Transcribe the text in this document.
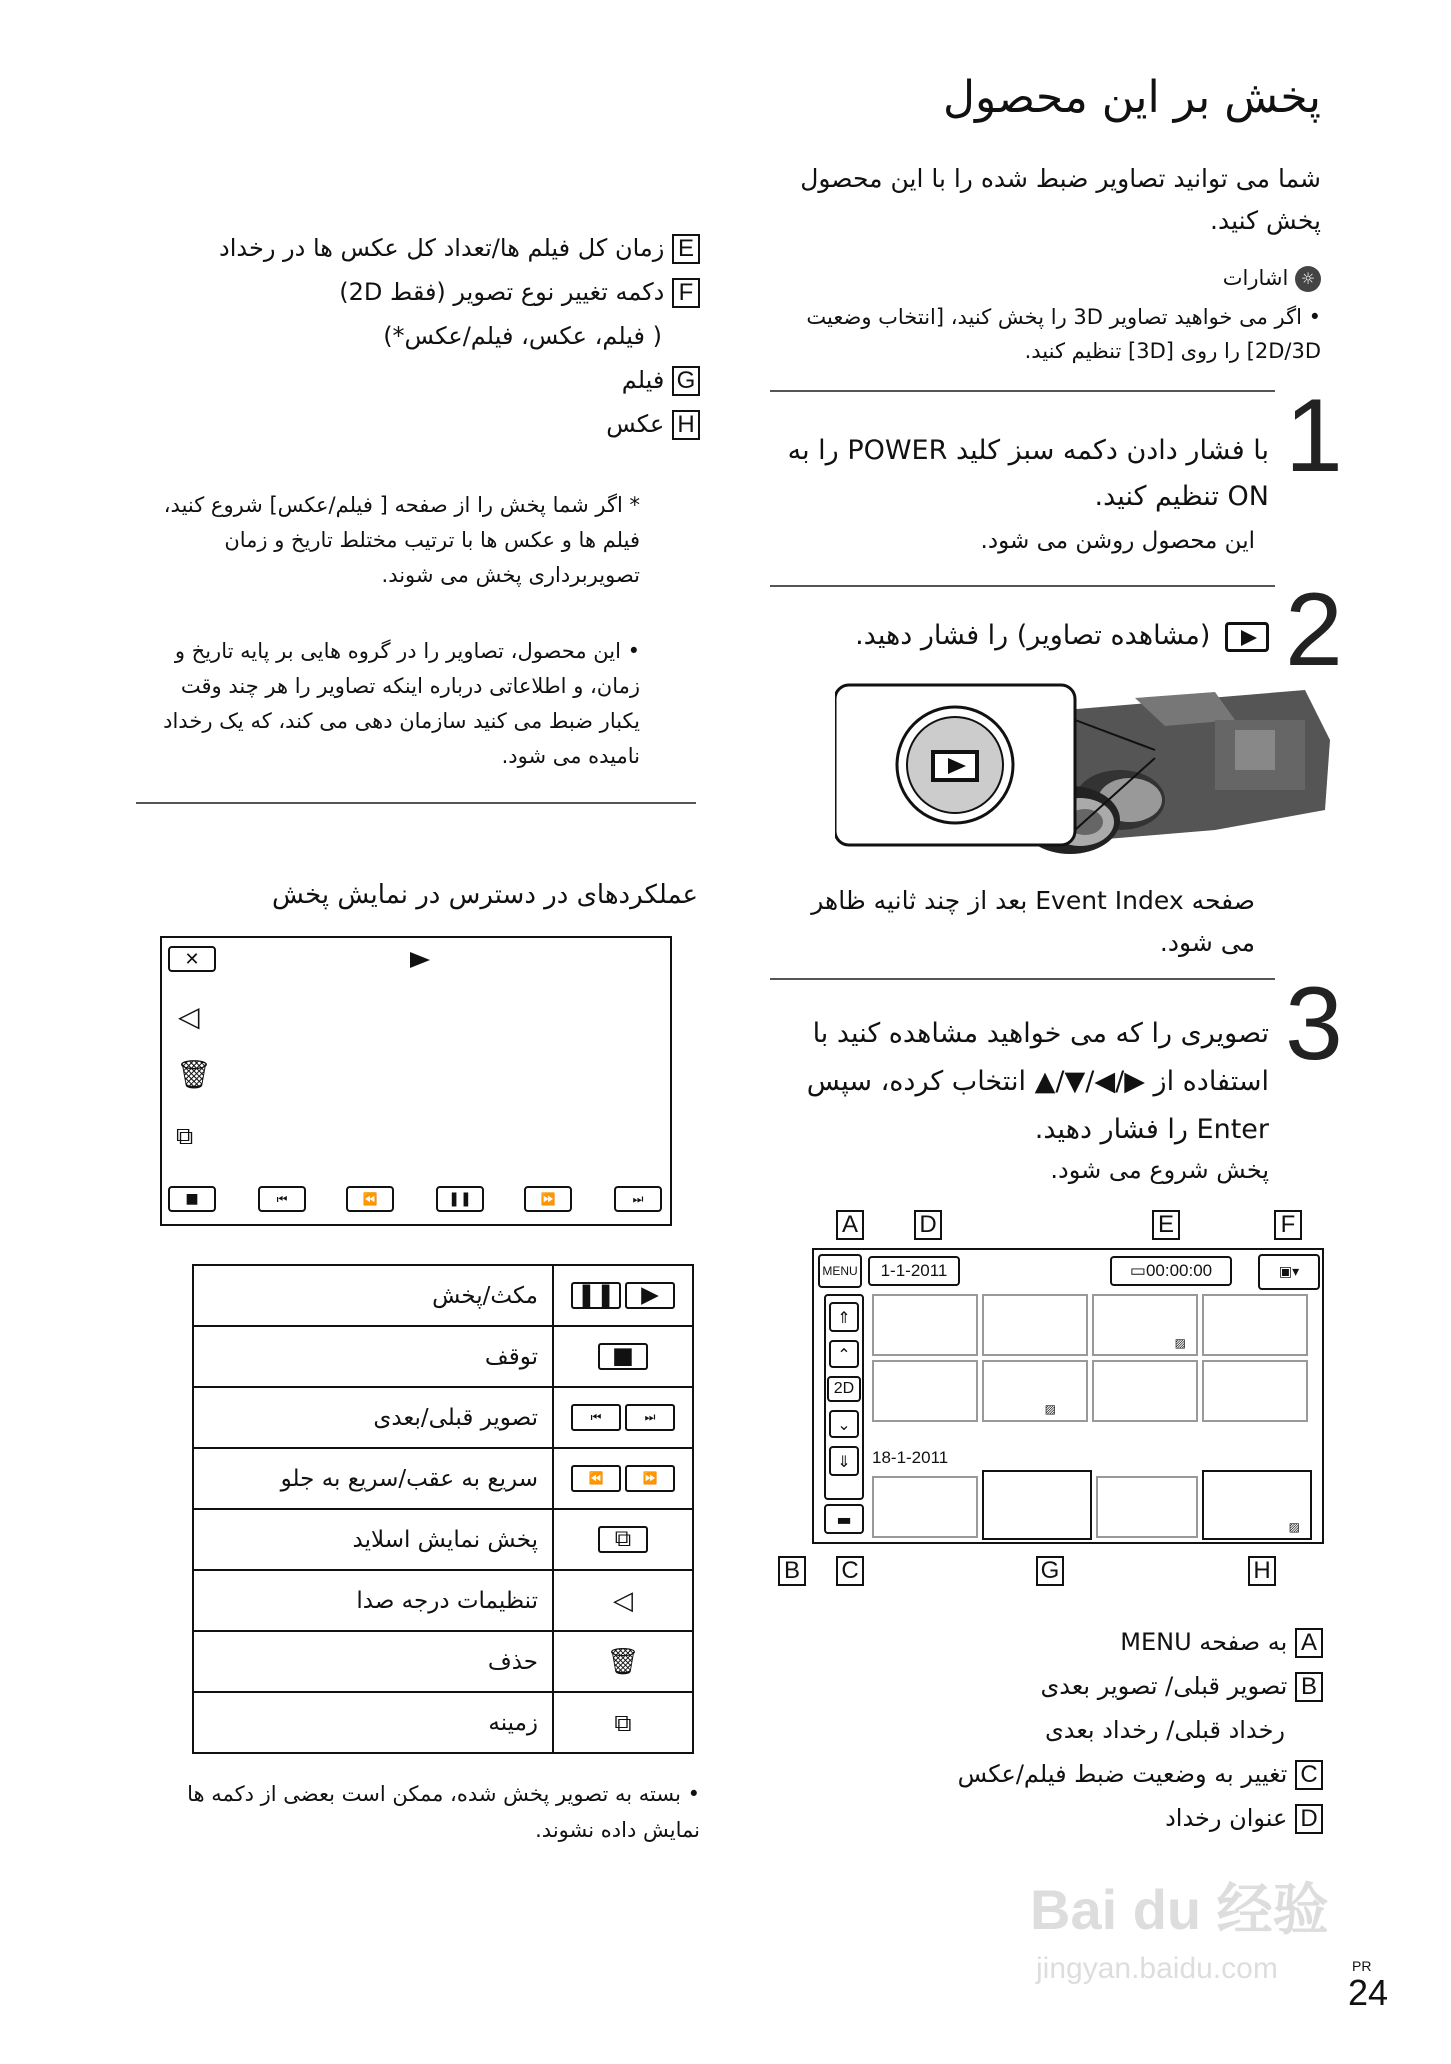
پخش بر این محصول
شما می توانید تصاویر ضبط شده را با این محصول پخش کنید.
☼ اشارات
• اگر می خواهید تصاویر 3D را پخش کنید، [انتخاب وضعیت 2D/3D] را روی [3D] تنظیم کنید.
1
با فشار دادن دکمه سبز کلید POWER را به ON تنظیم کنید.
این محصول روشن می شود.
2
(مشاهده تصاویر) را فشار دهید.
صفحه Event Index بعد از چند ثانیه ظاهر می شود.
3
تصویری را که می خواهید مشاهده کنید با استفاده از ▶/◀/▼/▲ انتخاب کرده، سپس Enter را فشار دهید.
پخش شروع می شود.
MENU	1-1-2011	▭ 00:00:00	▣▾
⇑
⌃
2D
⌄
⇓
▬
▨
▨
18-1-2011
▨
A	D	E	F
B C	G	H
A به صفحه MENU
B تصویر قبلی/ تصویر بعدی
رخداد قبلی/ رخداد بعدی
C تغییر به وضعیت ضبط فیلم/عکس
D عنوان رخداد
E زمان کل فیلم ها/تعداد کل عکس ها در رخداد
F دکمه تغییر نوع تصویر (فقط 2D)
( فیلم، عکس، فیلم/عکس*)
G فیلم
H عکس
* اگر شما پخش را از صفحه [ فیلم/عکس] شروع کنید، فیلم ها و عکس ها با ترتیب مختلط تاریخ و زمان تصویربرداری پخش می شوند.
• این محصول، تصاویر را در گروه هایی بر پایه تاریخ و زمان، و اطلاعاتی درباره اینکه تصاویر را هر چند وقت یکبار ضبط می کنید سازمان دهی می کند، که یک رخداد نامیده می شود.
عملکردهای در دسترس در نمایش پخش
✕
◁
🗑
⧉
■	⏮	⏪	❚❚	⏩	⏭
مکث/پخش	❚❚ ▶
توقف	■
تصویر قبلی/بعدی	⏮ ⏭
سریع به عقب/سریع به جلو	⏪ ⏩
پخش نمایش اسلاید	⧉
تنظیمات درجه صدا	◁
حذف	🗑
زمینه	⧉
• بسته به تصویر پخش شده، ممکن است بعضی از دکمه ها نمایش داده نشوند.
Bai du 经验
jingyan.baidu.com	PR
24
